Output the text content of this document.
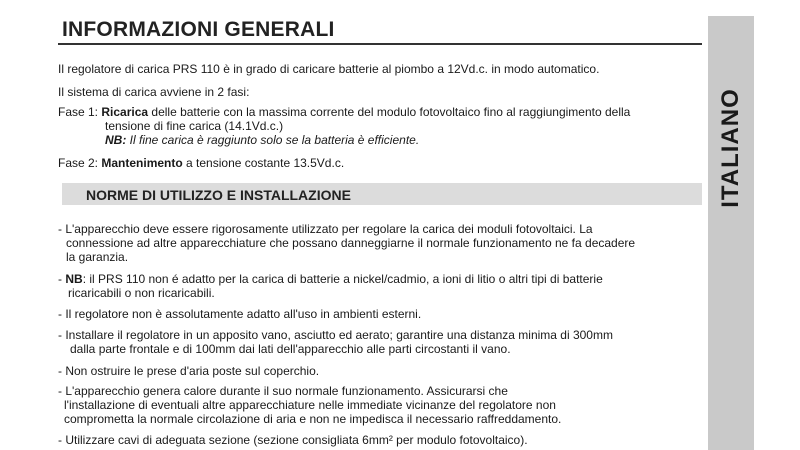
INFORMAZIONI GENERALI
ITALIANO
Il regolatore di carica PRS 110 è in grado di caricare batterie al piombo a 12Vd.c. in modo automatico.
Il sistema di carica avviene in 2 fasi:
Fase 1: Ricarica delle batterie con la massima corrente del modulo fotovoltaico fino al raggiungimento della
tensione di fine carica (14.1Vd.c.)
NB: Il fine carica è raggiunto solo se la batteria è efficiente.
Fase 2: Mantenimento a tensione costante 13.5Vd.c.
NORME DI UTILIZZO E INSTALLAZIONE
- L'apparecchio deve essere rigorosamente utilizzato per regolare la carica dei moduli fotovoltaici. La
connessione ad altre apparecchiature che possano danneggiarne il normale funzionamento ne fa decadere
la garanzia.
- NB: il PRS 110 non é adatto per la carica di batterie a nickel/cadmio, a ioni di litio o altri tipi di batterie
ricaricabili o non ricaricabili.
- Il regolatore non è assolutamente adatto all'uso in ambienti esterni.
- Installare il regolatore in un apposito vano, asciutto ed aerato; garantire una distanza minima di 300mm
dalla parte frontale e di 100mm dai lati dell'apparecchio alle parti circostanti il vano.
- Non ostruire le prese d'aria poste sul coperchio.
- L'apparecchio genera calore durante il suo normale funzionamento. Assicurarsi che
l'installazione di eventuali altre apparecchiature nelle immediate vicinanze del regolatore non
comprometta la normale circolazione di aria e non ne impedisca il necessario raffreddamento.
- Utilizzare cavi di adeguata sezione (sezione consigliata 6mm² per modulo fotovoltaico).
